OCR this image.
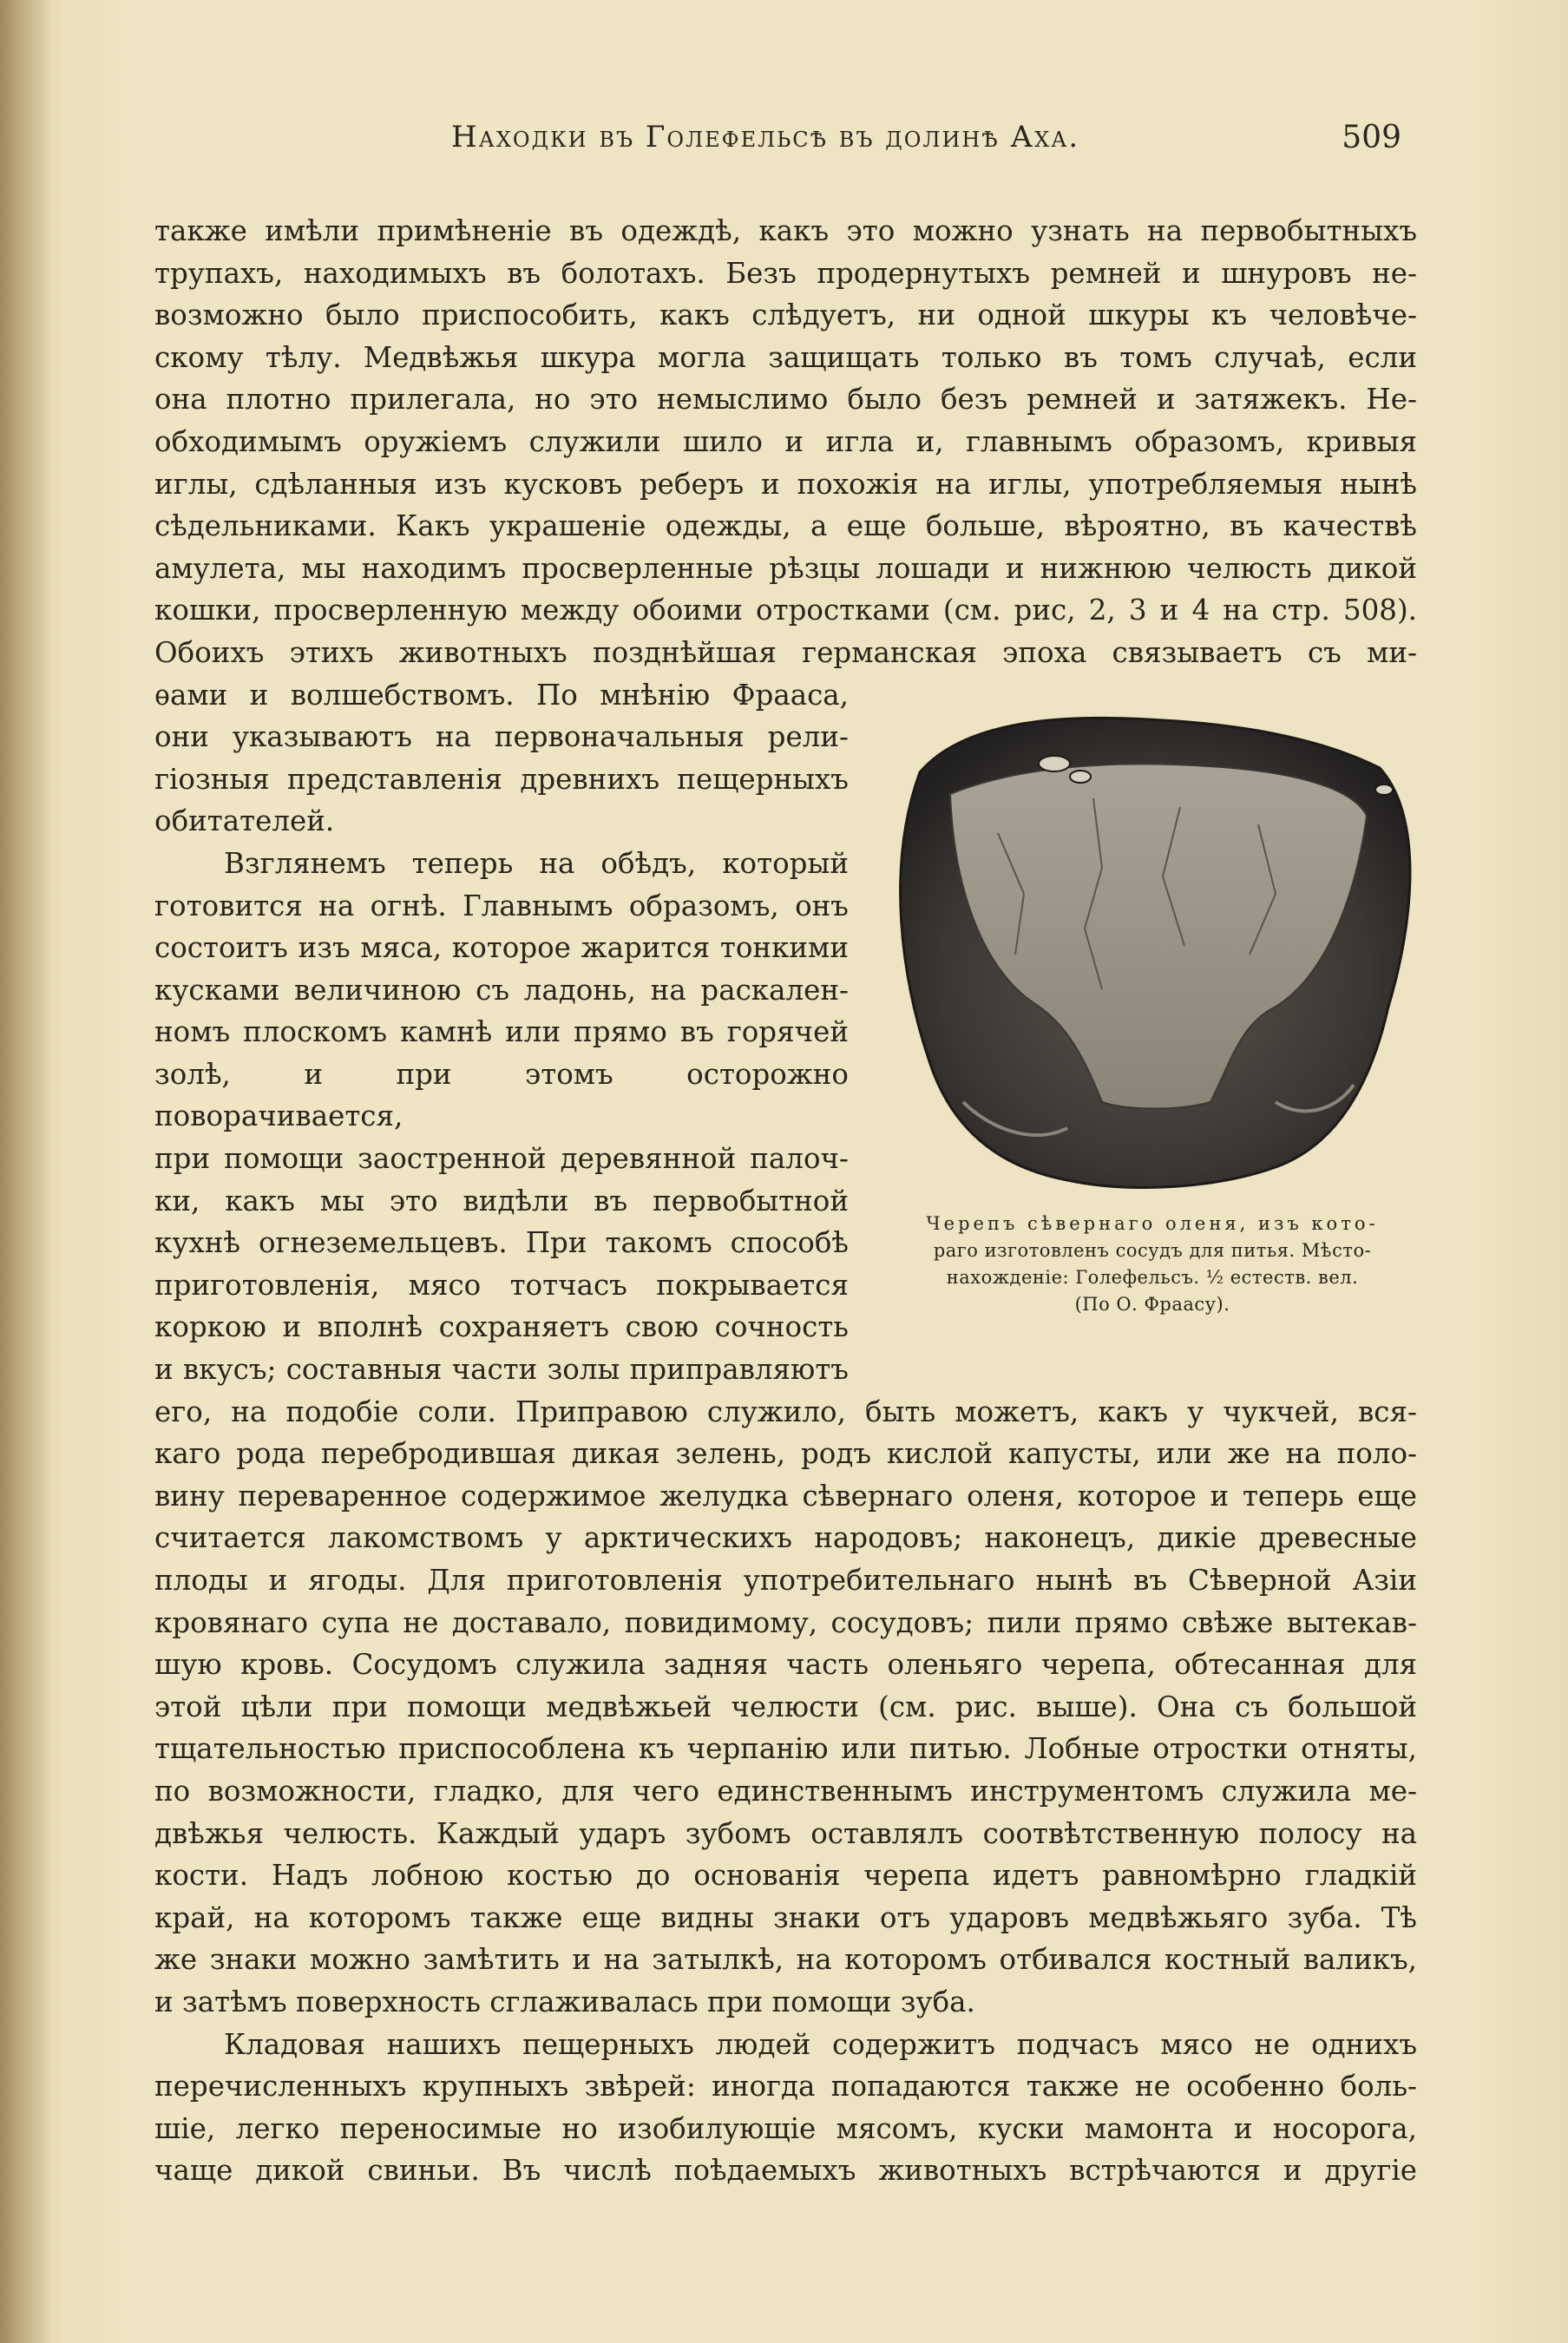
Находки въ Голефельсѣ въ долинѣ Аха.	509

также имѣли примѣненіе въ одеждѣ, какъ это можно узнать на первобытныхъ

трупахъ, находимыхъ въ болотахъ. Безъ продернутыхъ ремней и шнуровъ не-

возможно было приспособить, какъ слѣдуетъ, ни одной шкуры къ человѣче-

скому тѣлу. Медвѣжья шкура могла защищать только въ томъ случаѣ, если

она плотно прилегала, но это немыслимо было безъ ремней и затяжекъ. Не-

обходимымъ оружіемъ служили шило и игла и, главнымъ образомъ, кривыя

иглы, сдѣланныя изъ кусковъ реберъ и похожія на иглы, употребляемыя нынѣ

сѣдельниками. Какъ украшеніе одежды, а еще больше, вѣроятно, въ качествѣ

амулета, мы находимъ просверленные рѣзцы лошади и нижнюю челюсть дикой

кошки, просверленную между обоими отростками (см. рис, 2, 3 и 4 на стр. 508).

Обоихъ этихъ животныхъ позднѣйшая германская эпоха связываетъ съ ми-

ѳами и волшебствомъ. По мнѣнію Фрааса,

они указываютъ на первоначальныя рели-

гіозныя представленія древнихъ пещерныхъ

обитателей.

Взглянемъ теперь на обѣдъ, который

готовится на огнѣ. Главнымъ образомъ, онъ

состоитъ изъ мяса, которое жарится тонкими

кусками величиною съ ладонь, на раскален-

номъ плоскомъ камнѣ или прямо въ горячей

золѣ, и при этомъ осторожно поворачивается,

при помощи заостренной деревянной палоч-

ки, какъ мы это видѣли въ первобытной

кухнѣ огнеземельцевъ. При такомъ способѣ

приготовленія, мясо тотчасъ покрывается

коркою и вполнѣ сохраняетъ свою сочность

и вкусъ; составныя части золы приправляютъ

его, на подобіе соли. Приправою служило, быть можетъ, какъ у чукчей, вся-

каго рода перебродившая дикая зелень, родъ кислой капусты, или же на поло-

вину переваренное содержимое желудка сѣвернаго оленя, которое и теперь еще

считается лакомствомъ у арктическихъ народовъ; наконецъ, дикіе древесные

плоды и ягоды. Для приготовленія употребительнаго нынѣ въ Сѣверной Азіи

кровянаго супа не доставало, повидимому, сосудовъ; пили прямо свѣже вытекав-

шую кровь. Сосудомъ служила задняя часть оленьяго черепа, обтесанная для

этой цѣли при помощи медвѣжьей челюсти (см. рис. выше). Она съ большой

тщательностью приспособлена къ черпанію или питью. Лобные отростки отняты,

по возможности, гладко, для чего единственнымъ инструментомъ служила ме-

двѣжья челюсть. Каждый ударъ зубомъ оставлялъ соотвѣтственную полосу на

кости. Надъ лобною костью до основанія черепа идетъ равномѣрно гладкій

край, на которомъ также еще видны знаки отъ ударовъ медвѣжьяго зуба. Тѣ

же знаки можно замѣтить и на затылкѣ, на которомъ отбивался костный валикъ,

и затѣмъ поверхность сглаживалась при помощи зуба.

Кладовая нашихъ пещерныхъ людей содержитъ подчасъ мясо не однихъ

перечисленныхъ крупныхъ звѣрей: иногда попадаются также не особенно боль-

шіе, легко переносимые но изобилующіе мясомъ, куски мамонта и носорога,

чаще дикой свиньи. Въ числѣ поѣдаемыхъ животныхъ встрѣчаются и другіе

Черепъ сѣвернаго оленя, изъ кото-
раго изготовленъ сосудъ для питья. Мѣсто-
нахожденіе: Голефельсъ. ½ естеств. вел.
(По О. Фраасу).
